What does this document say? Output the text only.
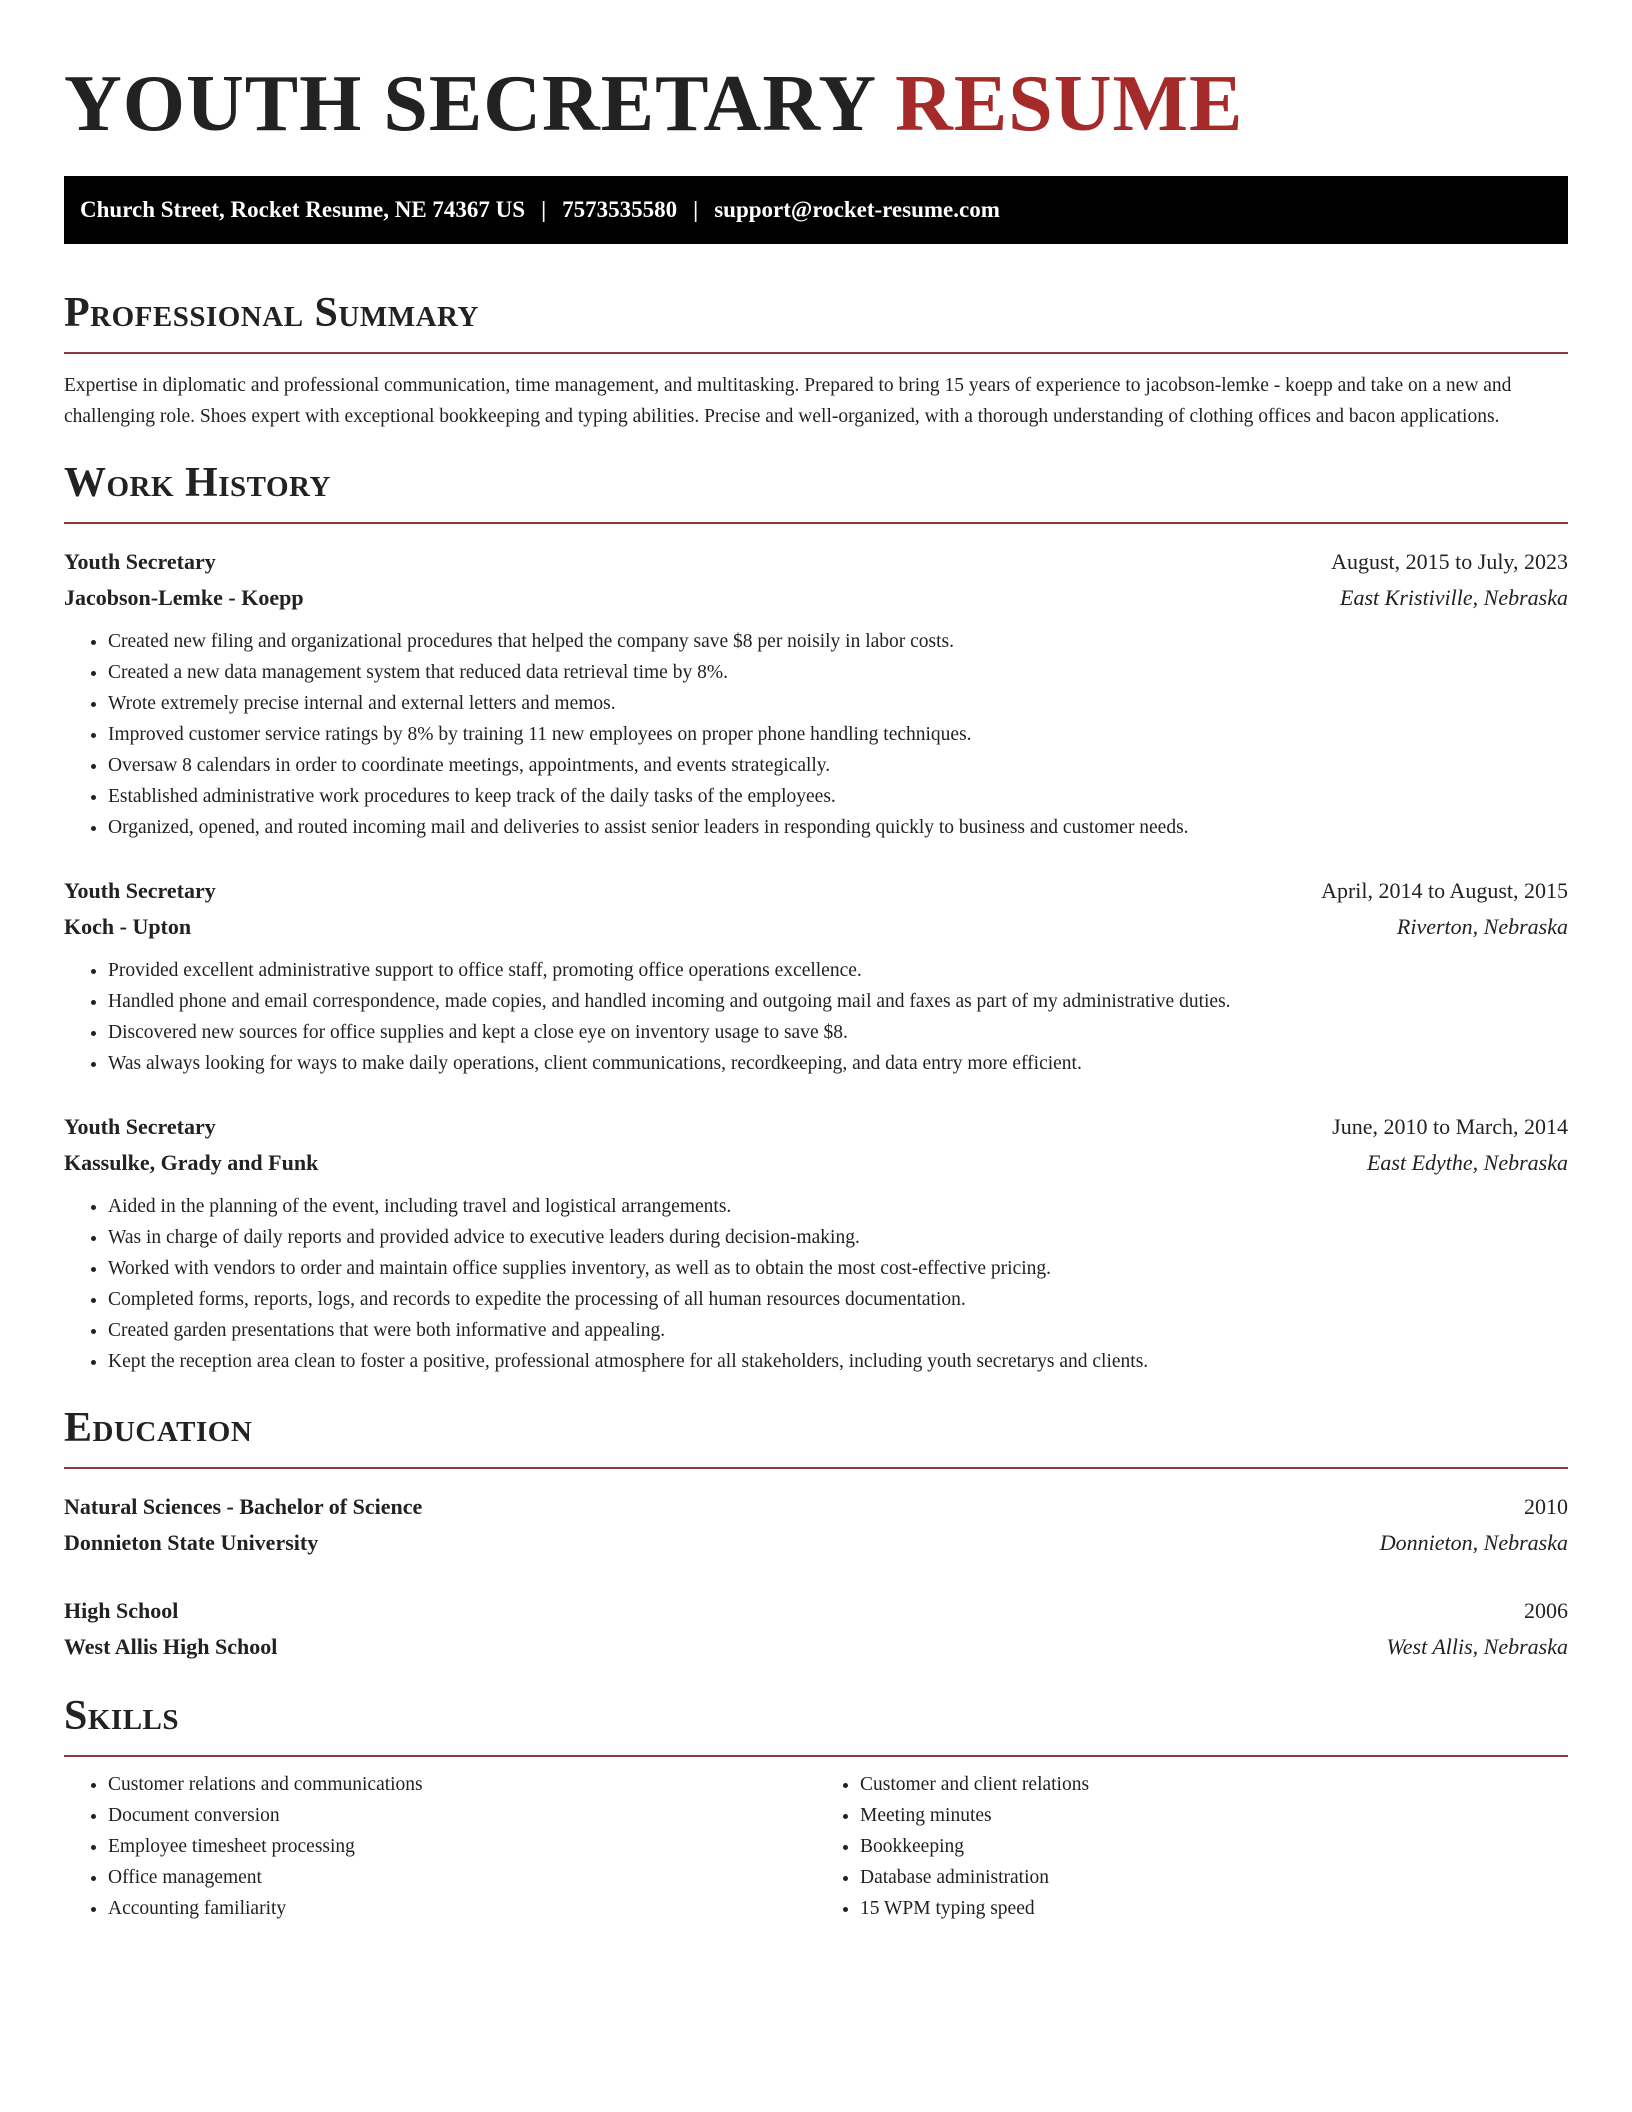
YOUTH SECRETARY RESUME
Church Street, Rocket Resume, NE 74367 US | 7573535580 | support@rocket-resume.com
Professional Summary

Expertise in diplomatic and professional communication, time management, and multitasking. Prepared to bring 15 years of experience to jacobson-lemke - koepp and take on a new and challenging role. Shoes expert with exceptional bookkeeping and typing abilities. Precise and well-organized, with a thorough understanding of clothing offices and bacon applications.

Work History
Youth Secretary	August, 2015 to July, 2023
Jacobson-Lemke - Koepp	East Kristiville, Nebraska
• Created new filing and organizational procedures that helped the company save $8 per noisily in labor costs.
• Created a new data management system that reduced data retrieval time by 8%.
• Wrote extremely precise internal and external letters and memos.
• Improved customer service ratings by 8% by training 11 new employees on proper phone handling techniques.
• Oversaw 8 calendars in order to coordinate meetings, appointments, and events strategically.
• Established administrative work procedures to keep track of the daily tasks of the employees.
• Organized, opened, and routed incoming mail and deliveries to assist senior leaders in responding quickly to business and customer needs.
Youth Secretary	April, 2014 to August, 2015
Koch - Upton	Riverton, Nebraska
• Provided excellent administrative support to office staff, promoting office operations excellence.
• Handled phone and email correspondence, made copies, and handled incoming and outgoing mail and faxes as part of my administrative duties.
• Discovered new sources for office supplies and kept a close eye on inventory usage to save $8.
• Was always looking for ways to make daily operations, client communications, recordkeeping, and data entry more efficient.
Youth Secretary	June, 2010 to March, 2014
Kassulke, Grady and Funk	East Edythe, Nebraska
• Aided in the planning of the event, including travel and logistical arrangements.
• Was in charge of daily reports and provided advice to executive leaders during decision-making.
• Worked with vendors to order and maintain office supplies inventory, as well as to obtain the most cost-effective pricing.
• Completed forms, reports, logs, and records to expedite the processing of all human resources documentation.
• Created garden presentations that were both informative and appealing.
• Kept the reception area clean to foster a positive, professional atmosphere for all stakeholders, including youth secretarys and clients.
Education
Natural Sciences - Bachelor of Science	2010
Donnieton State University	Donnieton, Nebraska
High School	2006
West Allis High School	West Allis, Nebraska
Skills
• Customer relations and communications
• Document conversion
• Employee timesheet processing
• Office management
• Accounting familiarity
• Customer and client relations
• Meeting minutes
• Bookkeeping
• Database administration
• 15 WPM typing speed
